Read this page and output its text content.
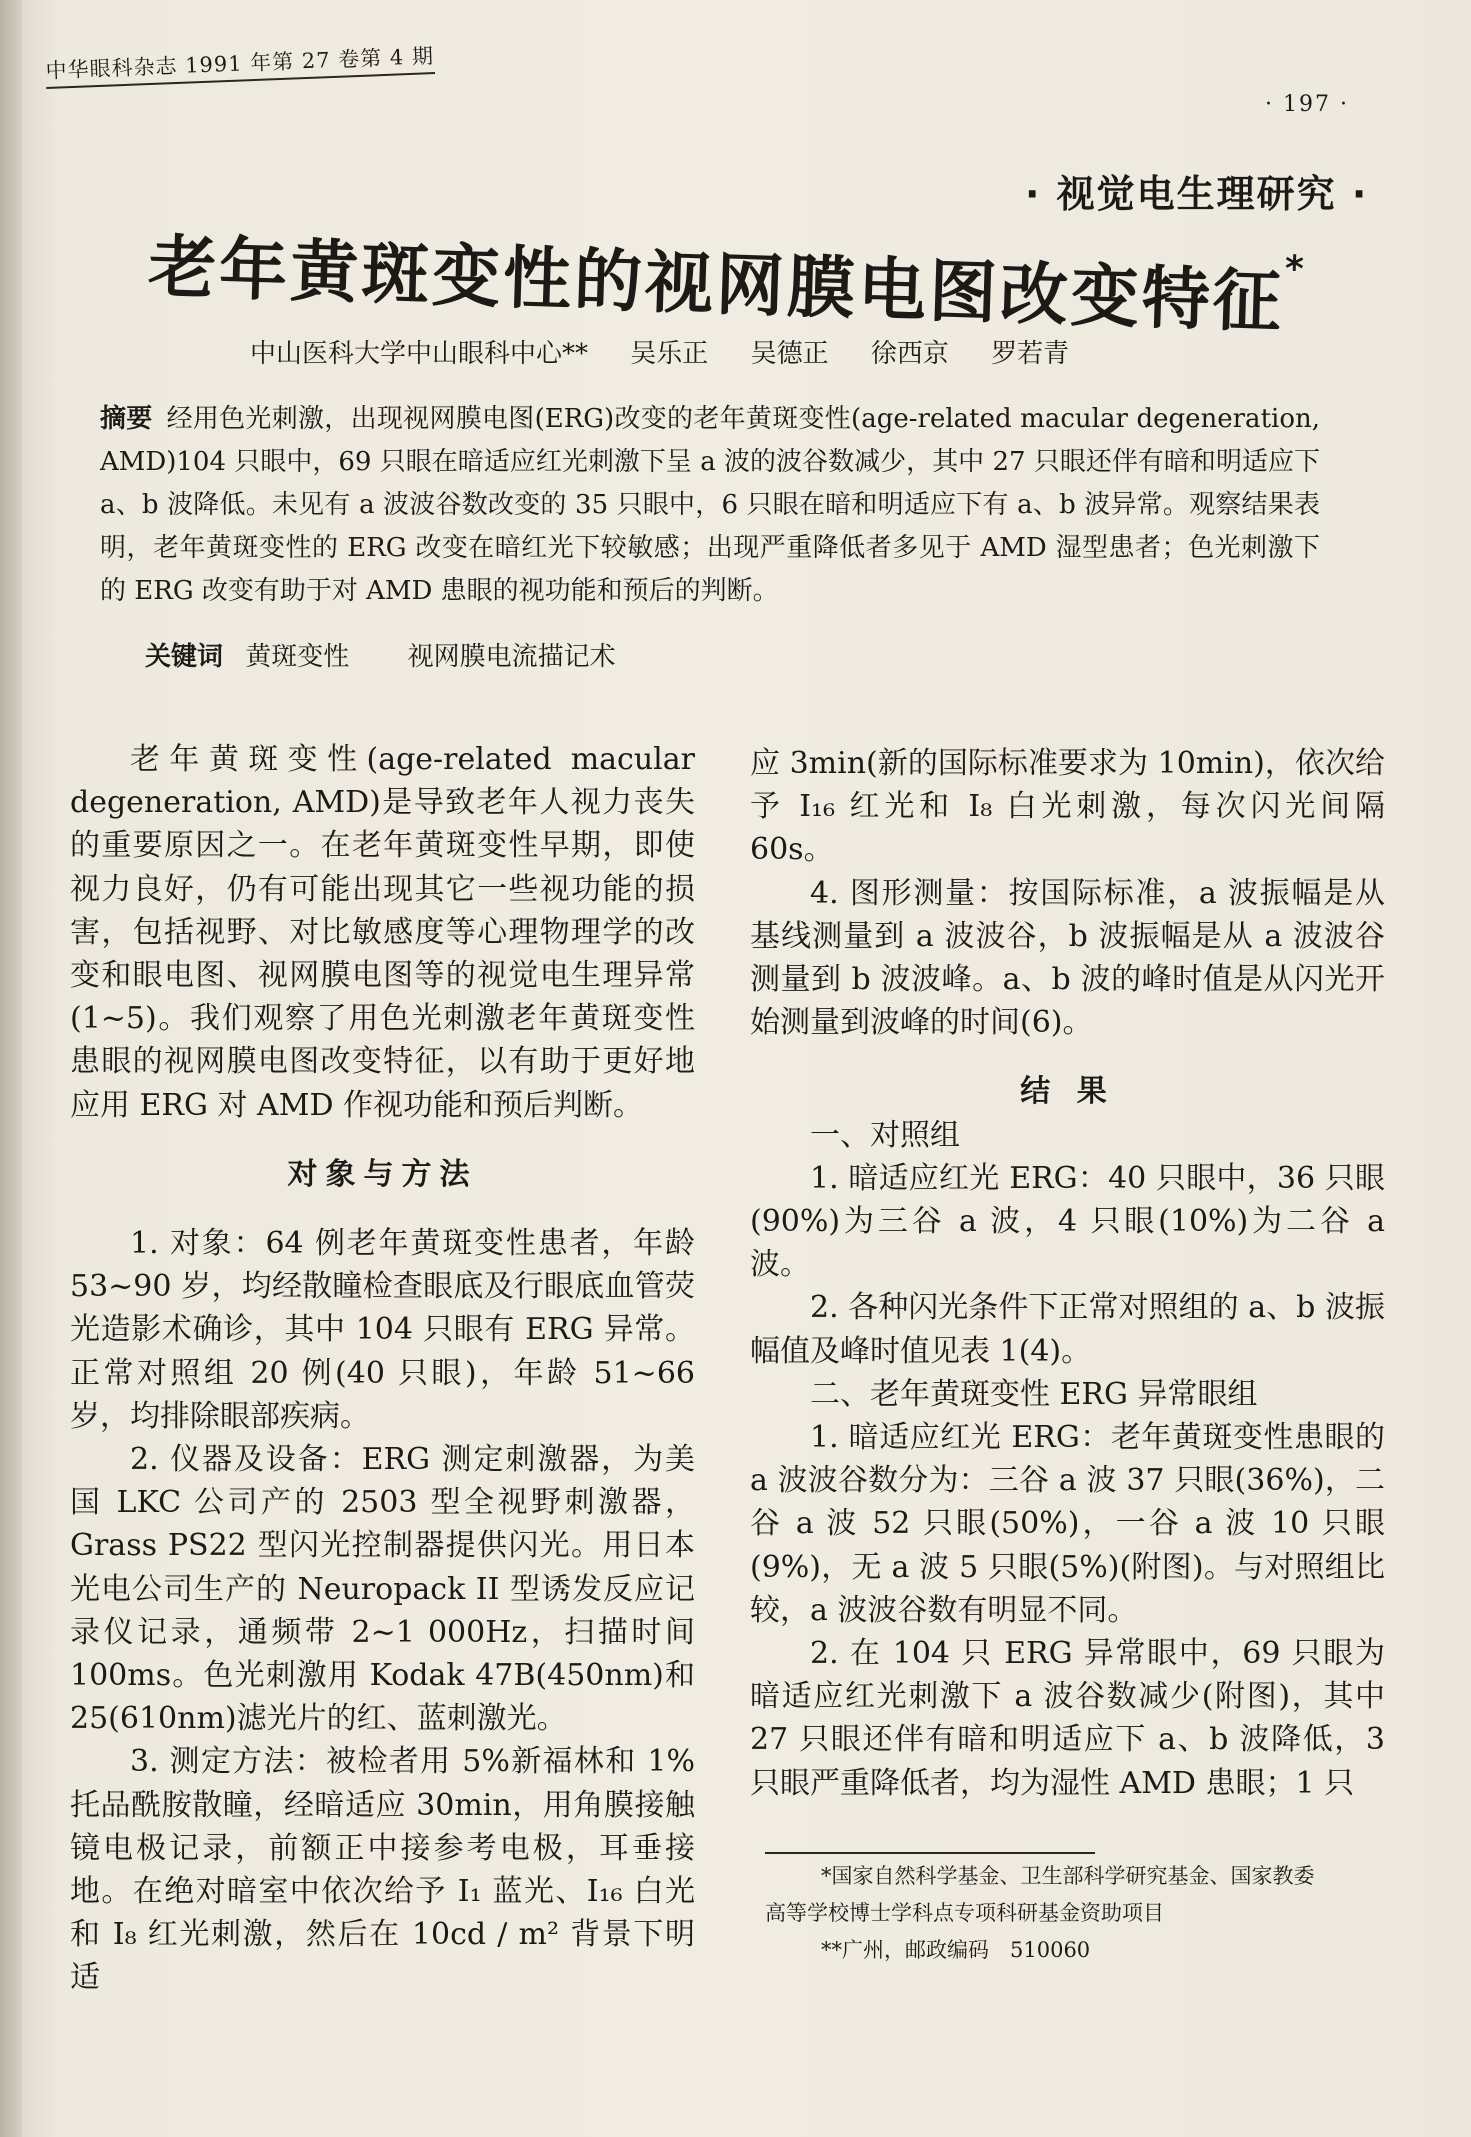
中华眼科杂志 1991 年第 27 卷第 4 期
· 197 ·
· 视觉电生理研究 ·
老年黄斑变性的视网膜电图改变特征*
中山医科大学中山眼科中心** 吴乐正 吴德正 徐西京 罗若青
摘要 经用色光刺激，出现视网膜电图(ERG)改变的老年黄斑变性(age-related macular degeneration, AMD)104 只眼中，69 只眼在暗适应红光刺激下呈 a 波的波谷数减少，其中 27 只眼还伴有暗和明适应下 a、b 波降低。未见有 a 波波谷数改变的 35 只眼中，6 只眼在暗和明适应下有 a、b 波异常。观察结果表明，老年黄斑变性的 ERG 改变在暗红光下较敏感；出现严重降低者多见于 AMD 湿型患者；色光刺激下的 ERG 改变有助于对 AMD 患眼的视功能和预后的判断。
关键词 黄斑变性 视网膜电流描记术

老年黄斑变性(age-related macular degeneration, AMD)是导致老年人视力丧失的重要原因之一。在老年黄斑变性早期，即使视力良好，仍有可能出现其它一些视功能的损害，包括视野、对比敏感度等心理物理学的改变和眼电图、视网膜电图等的视觉电生理异常(1~5)。我们观察了用色光刺激老年黄斑变性患眼的视网膜电图改变特征，以有助于更好地应用 ERG 对 AMD 作视功能和预后判断。

对象与方法

1. 对象：64 例老年黄斑变性患者，年龄 53~90 岁，均经散瞳检查眼底及行眼底血管荧光造影术确诊，其中 104 只眼有 ERG 异常。正常对照组 20 例(40 只眼)，年龄 51~66 岁，均排除眼部疾病。

2. 仪器及设备：ERG 测定刺激器，为美国 LKC 公司产的 2503 型全视野刺激器，Grass PS22 型闪光控制器提供闪光。用日本光电公司生产的 Neuropack II 型诱发反应记录仪记录，通频带 2~1 000Hz，扫描时间 100ms。色光刺激用 Kodak 47B(450nm)和 25(610nm)滤光片的红、蓝刺激光。

3. 测定方法：被检者用 5%新福林和 1%托品酰胺散瞳，经暗适应 30min，用角膜接触镜电极记录，前额正中接参考电极，耳垂接地。在绝对暗室中依次给予 I₁ 蓝光、I₁₆ 白光和 I₈ 红光刺激，然后在 10cd / m² 背景下明适

应 3min(新的国际标准要求为 10min)，依次给予 I₁₆ 红光和 I₈ 白光刺激，每次闪光间隔 60s。

4. 图形测量：按国际标准，a 波振幅是从基线测量到 a 波波谷，b 波振幅是从 a 波波谷测量到 b 波波峰。a、b 波的峰时值是从闪光开始测量到波峰的时间(6)。

结 果

一、对照组

1. 暗适应红光 ERG：40 只眼中，36 只眼(90%)为三谷 a 波，4 只眼(10%)为二谷 a 波。

2. 各种闪光条件下正常对照组的 a、b 波振幅值及峰时值见表 1(4)。

二、老年黄斑变性 ERG 异常眼组

1. 暗适应红光 ERG：老年黄斑变性患眼的 a 波波谷数分为：三谷 a 波 37 只眼(36%)，二谷 a 波 52 只眼(50%)，一谷 a 波 10 只眼(9%)，无 a 波 5 只眼(5%)(附图)。与对照组比较，a 波波谷数有明显不同。

2. 在 104 只 ERG 异常眼中，69 只眼为暗适应红光刺激下 a 波谷数减少(附图)，其中 27 只眼还伴有暗和明适应下 a、b 波降低，3 只眼严重降低者，均为湿性 AMD 患眼；1 只

*国家自然科学基金、卫生部科学研究基金、国家教委

高等学校博士学科点专项科研基金资助项目

**广州，邮政编码　510060
